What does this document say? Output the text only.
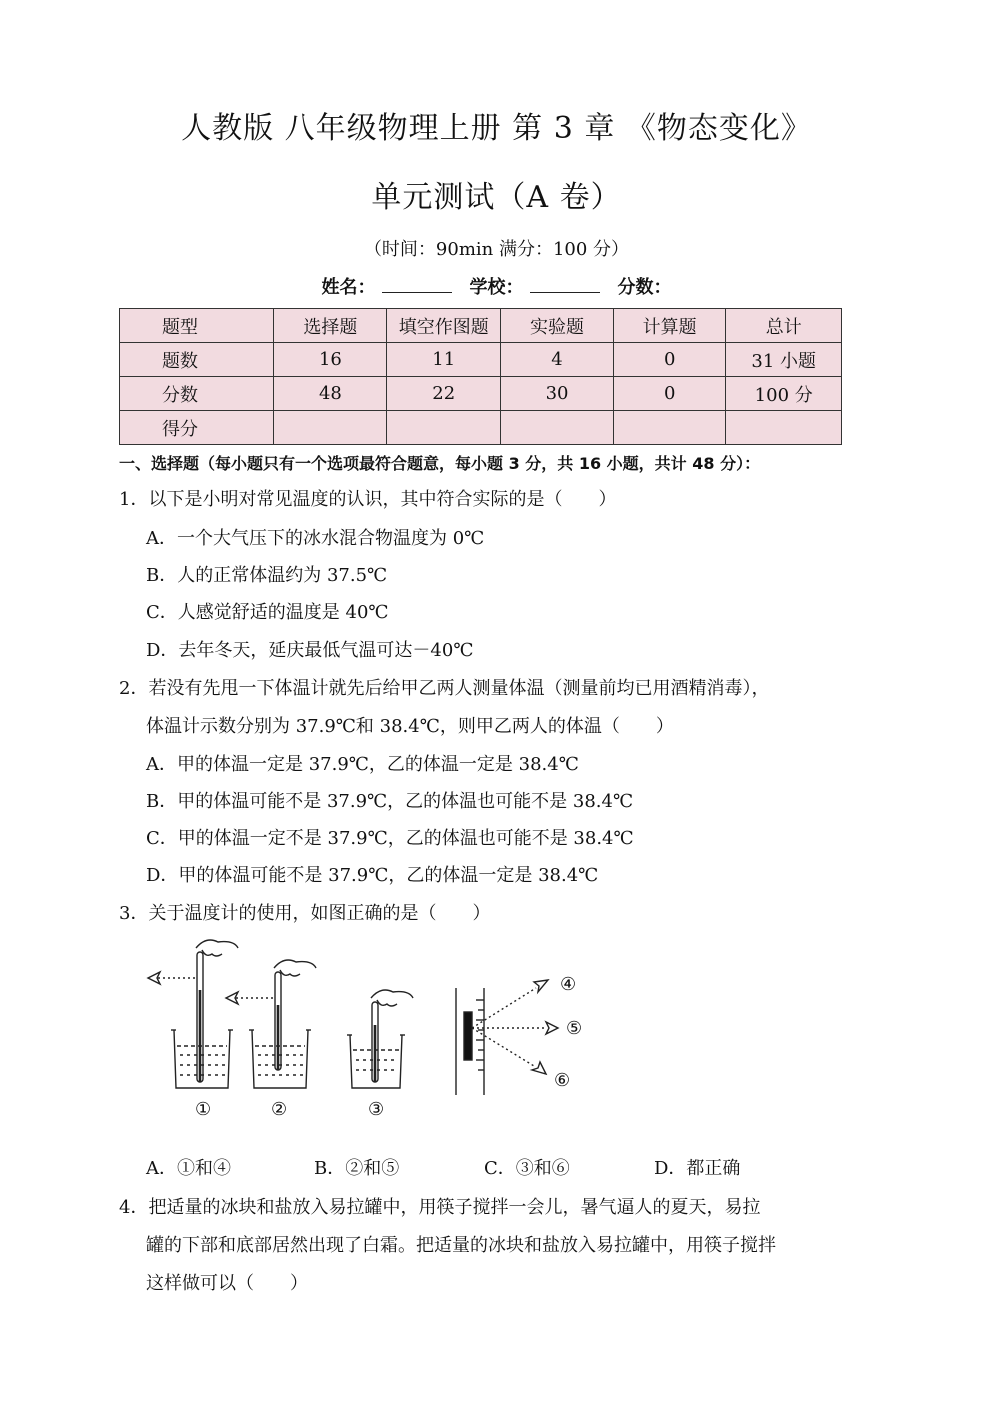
人教版 八年级物理上册 第 3 章 《物态变化》
单元测试（A 卷）
（时间：90min 满分：100 分）
姓名：	学校：	分数：
题型	选择题	填空作图题	实验题	计算题	总计
题数	16	11	4	0	31 小题
分数	48	22	30	0	100 分
得分					
一、选择题（每小题只有一个选项最符合题意，每小题 3 分，共 16 小题，共计 48 分）：
1．以下是小明对常见温度的认识，其中符合实际的是（　　）
A．一个大气压下的冰水混合物温度为 0℃
B．人的正常体温约为 37.5℃
C．人感觉舒适的温度是 40℃
D．去年冬天，延庆最低气温可达－40℃
2．若没有先甩一下体温计就先后给甲乙两人测量体温（测量前均已用酒精消毒），
体温计示数分别为 37.9℃和 38.4℃，则甲乙两人的体温（　　）
A．甲的体温一定是 37.9℃，乙的体温一定是 38.4℃
B．甲的体温可能不是 37.9℃，乙的体温也可能不是 38.4℃
C．甲的体温一定不是 37.9℃，乙的体温也可能不是 38.4℃
D．甲的体温可能不是 37.9℃，乙的体温一定是 38.4℃
3．关于温度计的使用，如图正确的是（　　）
①	②	③
④
⑤
⑥
A．①和④	B．②和⑤	C．③和⑥	D．都正确
4．把适量的冰块和盐放入易拉罐中，用筷子搅拌一会儿，暑气逼人的夏天，易拉
罐的下部和底部居然出现了白霜。把适量的冰块和盐放入易拉罐中，用筷子搅拌
这样做可以（　　）
